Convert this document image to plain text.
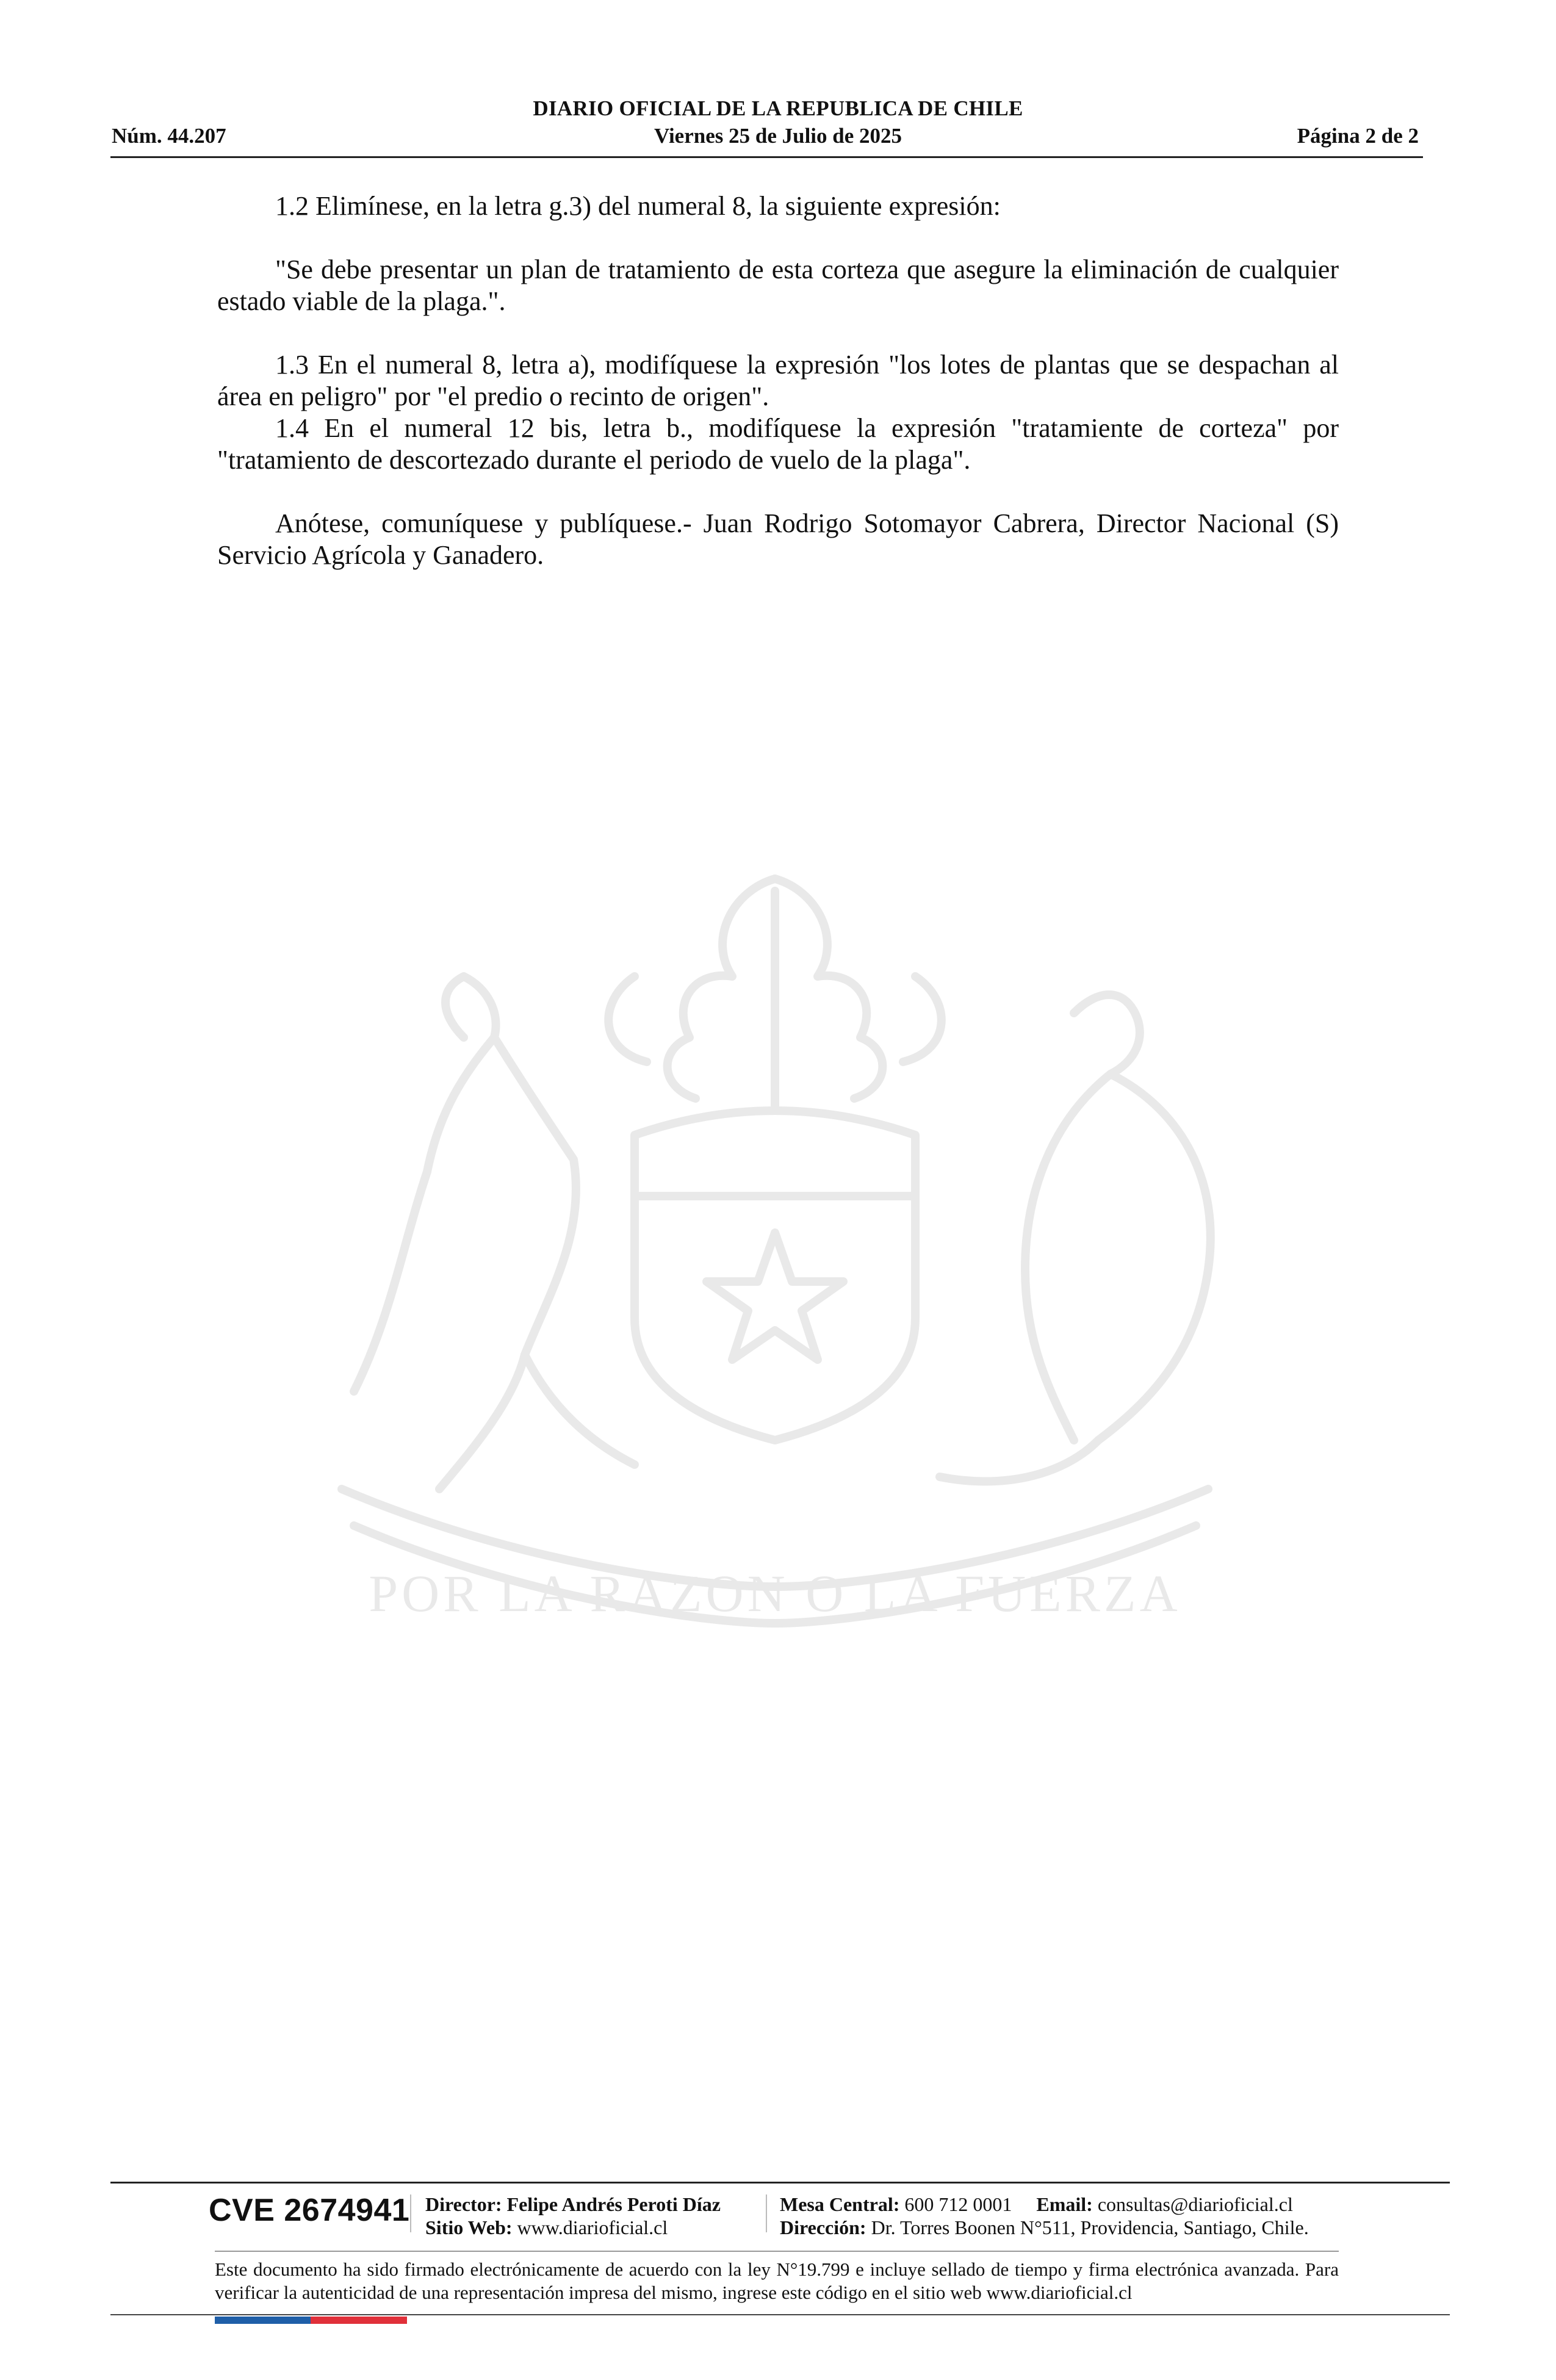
DIARIO OFICIAL DE LA REPUBLICA DE CHILE
Núm. 44.207	Viernes 25 de Julio de 2025	Página 2 de 2
POR LA RAZON O LA FUERZA

1.2 Elimínese, en la letra g.3) del numeral 8, la siguiente expresión:

"Se debe presentar un plan de tratamiento de esta corteza que asegure la eliminación de cualquier estado viable de la plaga.".

1.3 En el numeral 8, letra a), modifíquese la expresión "los lotes de plantas que se despachan al área en peligro" por "el predio o recinto de origen".

1.4 En el numeral 12 bis, letra b., modifíquese la expresión "tratamiente de corteza" por "tratamiento de descortezado durante el periodo de vuelo de la plaga".

Anótese, comuníquese y publíquese.- Juan Rodrigo Sotomayor Cabrera, Director Nacional (S) Servicio Agrícola y Ganadero.

CVE 2674941 Director: Felipe Andrés Peroti Díaz
Sitio Web: www.diarioficial.cl
Mesa Central: 600 712 0001 Email: consultas@diarioficial.cl
Dirección: Dr. Torres Boonen N°511, Providencia, Santiago, Chile.
Este documento ha sido firmado electrónicamente de acuerdo con la ley N°19.799 e incluye sellado de tiempo y firma electrónica avanzada. Para verificar la autenticidad de una representación impresa del mismo, ingrese este código en el sitio web www.diarioficial.cl
